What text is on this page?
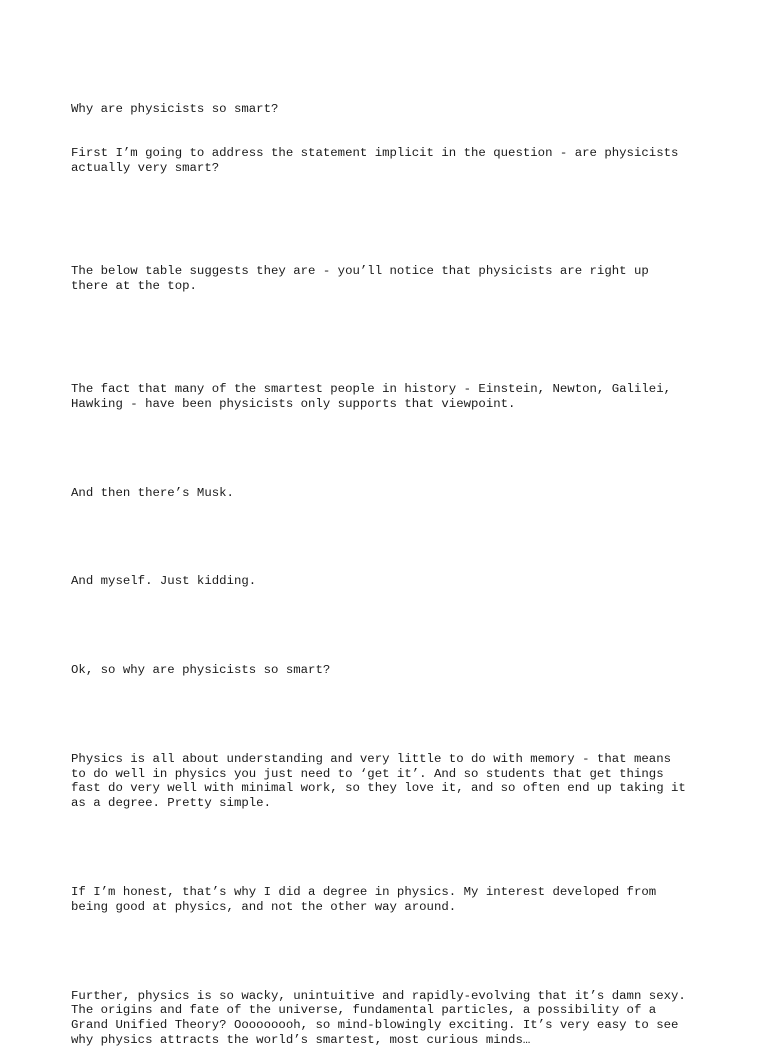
Why are physicists so smart?

First I’m going to address the statement implicit in the question - are physicists
actually very smart?

The below table suggests they are - you’ll notice that physicists are right up
there at the top.

The fact that many of the smartest people in history - Einstein, Newton, Galilei,
Hawking - have been physicists only supports that viewpoint.

And then there’s Musk.

And myself. Just kidding.

Ok, so why are physicists so smart?

Physics is all about understanding and very little to do with memory - that means
to do well in physics you just need to ‘get it’. And so students that get things
fast do very well with minimal work, so they love it, and so often end up taking it
as a degree. Pretty simple.

If I’m honest, that’s why I did a degree in physics. My interest developed from
being good at physics, and not the other way around.

Further, physics is so wacky, unintuitive and rapidly-evolving that it’s damn sexy.
The origins and fate of the universe, fundamental particles, a possibility of a
Grand Unified Theory? Ooooooooh, so mind-blowingly exciting. It’s very easy to see
why physics attracts the world’s smartest, most curious minds…
